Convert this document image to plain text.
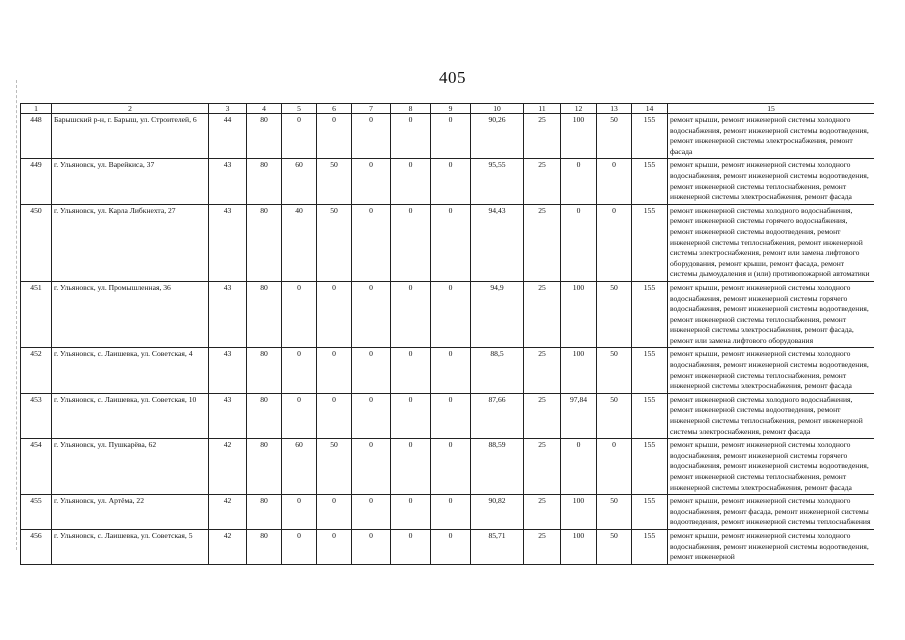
405
1	2	3	4	5	6	7	8	9	10	11	12	13	14	15
448	Барышский р-н, г. Барыш, ул. Строителей, 6	44	80	0	0	0	0	0	90,26	25	100	50	155	ремонт крыши, ремонт инженерной системы холодного водоснабжения, ремонт инженерной системы водоотведения, ремонт инженерной системы электроснабжения, ремонт фасада
449	г. Ульяновск, ул. Варейкиса, 37	43	80	60	50	0	0	0	95,55	25	0	0	155	ремонт крыши, ремонт инженерной системы холодного водоснабжения, ремонт инженерной системы водоотведения, ремонт инженерной системы теплоснабжения, ремонт инженерной системы электроснабжения, ремонт фасада
450	г. Ульяновск, ул. Карла Либкнехта, 27	43	80	40	50	0	0	0	94,43	25	0	0	155	ремонт инженерной системы холодного водоснабжения, ремонт инженерной системы горячего водоснабжения, ремонт инженерной системы водоотведения, ремонт инженерной системы теплоснабжения, ремонт инженерной системы электроснабжения, ремонт или замена лифтового оборудования, ремонт крыши, ремонт фасада, ремонт системы дымоудаления и (или) противопожарной автоматики
451	г. Ульяновск, ул. Промышленная, 36	43	80	0	0	0	0	0	94,9	25	100	50	155	ремонт крыши, ремонт инженерной системы холодного водоснабжения, ремонт инженерной системы горячего водоснабжения, ремонт инженерной системы водоотведения, ремонт инженерной системы теплоснабжения, ремонт инженерной системы электроснабжения, ремонт фасада, ремонт или замена лифтового оборудования
452	г. Ульяновск, с. Лаишевка, ул. Советская, 4	43	80	0	0	0	0	0	88,5	25	100	50	155	ремонт крыши, ремонт инженерной системы холодного водоснабжения, ремонт инженерной системы водоотведения, ремонт инженерной системы теплоснабжения, ремонт инженерной системы электроснабжения, ремонт фасада
453	г. Ульяновск, с. Лаишевка, ул. Советская, 10	43	80	0	0	0	0	0	87,66	25	97,84	50	155	ремонт инженерной системы холодного водоснабжения, ремонт инженерной системы водоотведения, ремонт инженерной системы теплоснабжения, ремонт инженерной системы электроснабжения, ремонт фасада
454	г. Ульяновск, ул. Пушкарёва, 62	42	80	60	50	0	0	0	88,59	25	0	0	155	ремонт крыши, ремонт инженерной системы холодного водоснабжения, ремонт инженерной системы горячего водоснабжения, ремонт инженерной системы водоотведения, ремонт инженерной системы теплоснабжения, ремонт инженерной системы электроснабжения, ремонт фасада
455	г. Ульяновск, ул. Артёма, 22	42	80	0	0	0	0	0	90,82	25	100	50	155	ремонт крыши, ремонт инженерной системы холодного водоснабжения, ремонт фасада, ремонт инженерной системы водоотведения, ремонт инженерной системы теплоснабжения
456	г. Ульяновск, с. Лаишевка, ул. Советская, 5	42	80	0	0	0	0	0	85,71	25	100	50	155	ремонт крыши, ремонт инженерной системы холодного водоснабжения, ремонт инженерной системы водоотведения, ремонт инженерной
